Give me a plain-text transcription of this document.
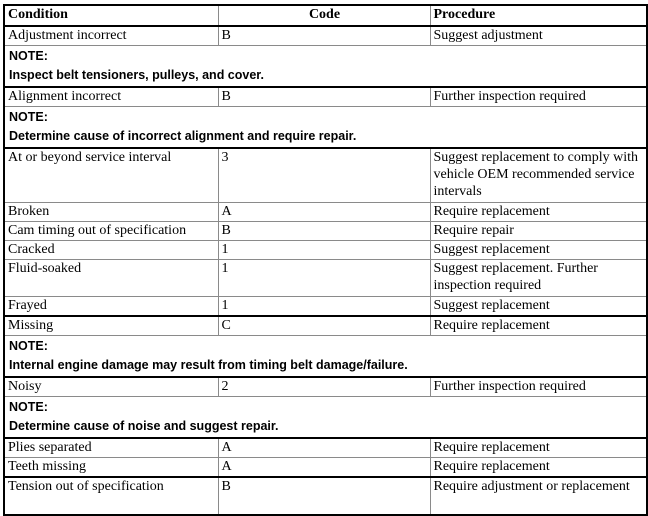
Condition	Code	Procedure
Adjustment incorrect	B	Suggest adjustment

NOTE:
Inspect belt tensioners, pulleys, and cover.		

Alignment incorrect	B	Further inspection required

NOTE:
Determine cause of incorrect alignment and require repair.		

At or beyond service interval	3	Suggest replacement to comply with vehicle OEM recommended service intervals
Broken	A	Require replacement
Cam timing out of specification	B	Require repair
Cracked	1	Suggest replacement
Fluid-soaked	1	Suggest replacement. Further inspection required
Frayed	1	Suggest replacement
Missing	C	Require replacement

NOTE:
Internal engine damage may result from timing belt damage/failure.		

Noisy	2	Further inspection required

NOTE:
Determine cause of noise and suggest repair.		

Plies separated	A	Require replacement
Teeth missing	A	Require replacement
Tension out of specification	B	Require adjustment or replacement
